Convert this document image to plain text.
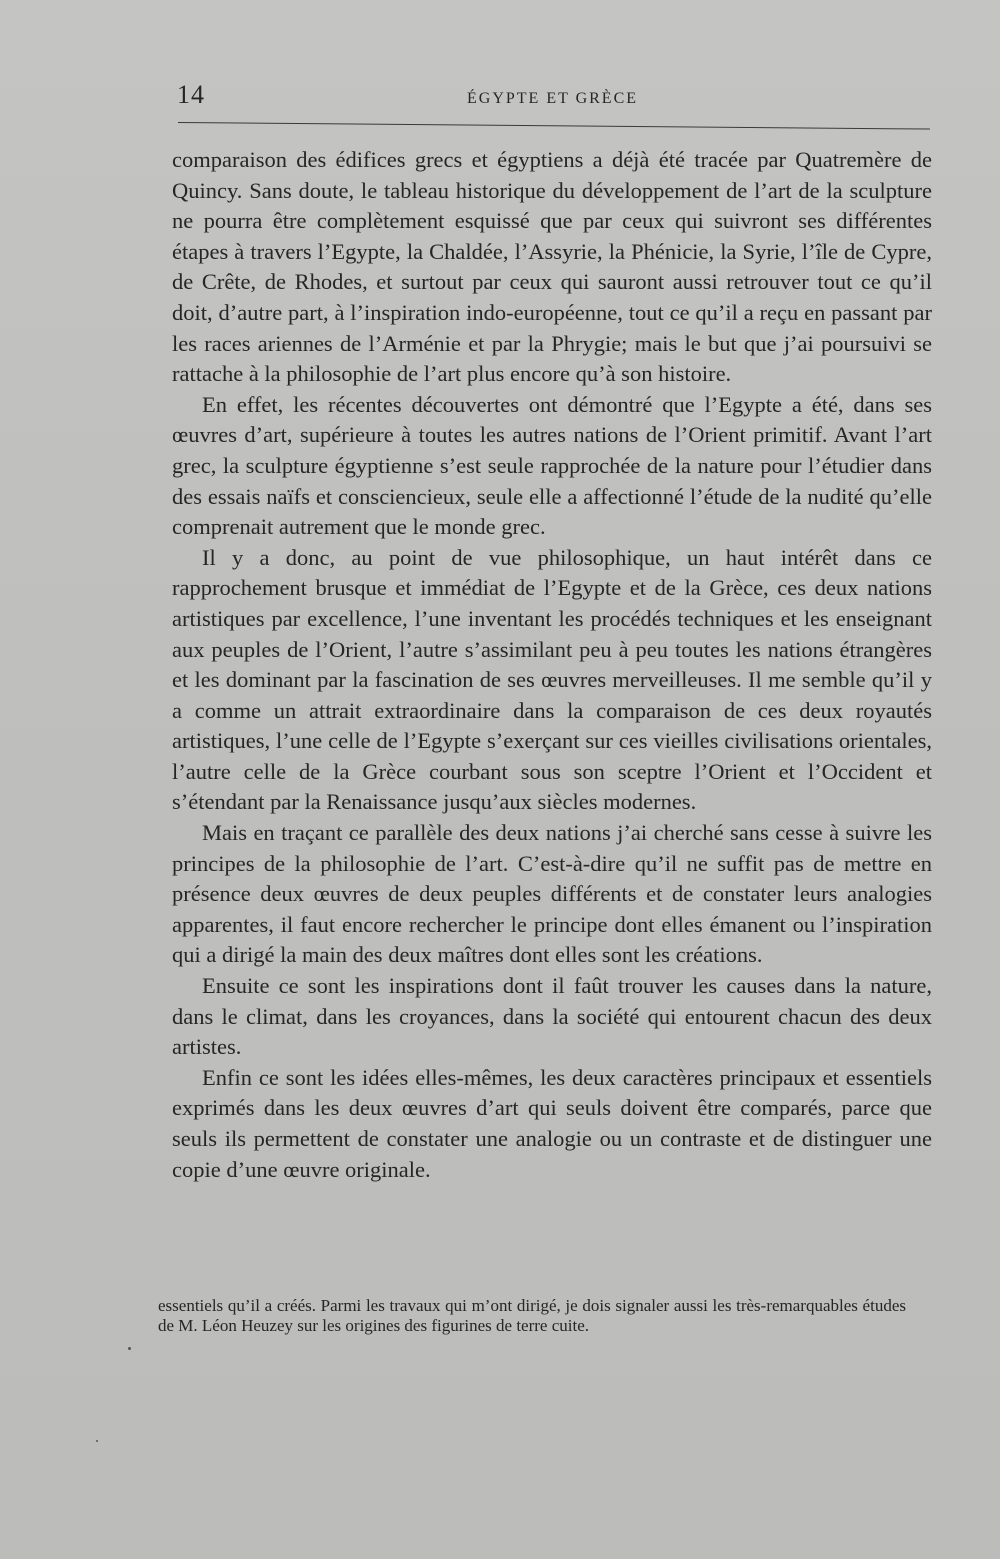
14	ÉGYPTE ET GRÈCE

comparaison des édifices grecs et égyptiens a déjà été tracée par Quatremère de Quincy. Sans doute, le tableau historique du développement de l’art de la sculpture ne pourra être complètement esquissé que par ceux qui suivront ses différentes étapes à travers l’Egypte, la Chaldée, l’Assyrie, la Phénicie, la Syrie, l’île de Cypre, de Crête, de Rhodes, et surtout par ceux qui sauront aussi retrouver tout ce qu’il doit, d’autre part, à l’inspiration indo-européenne, tout ce qu’il a reçu en passant par les races ariennes de l’Arménie et par la Phrygie; mais le but que j’ai poursuivi se rattache à la philosophie de l’art plus encore qu’à son histoire.

En effet, les récentes découvertes ont démontré que l’Egypte a été, dans ses œuvres d’art, supérieure à toutes les autres nations de l’Orient primitif. Avant l’art grec, la sculpture égyptienne s’est seule rapprochée de la nature pour l’étudier dans des essais naïfs et consciencieux, seule elle a affectionné l’étude de la nudité qu’elle comprenait autrement que le monde grec.

Il y a donc, au point de vue philosophique, un haut intérêt dans ce rapprochement brusque et immédiat de l’Egypte et de la Grèce, ces deux nations artistiques par excellence, l’une inventant les procédés techniques et les enseignant aux peuples de l’Orient, l’autre s’assimilant peu à peu toutes les nations étrangères et les dominant par la fascination de ses œuvres merveilleuses. Il me semble qu’il y a comme un attrait extraordinaire dans la comparaison de ces deux royautés artistiques, l’une celle de l’Egypte s’exerçant sur ces vieilles civilisations orientales, l’autre celle de la Grèce courbant sous son sceptre l’Orient et l’Occident et s’étendant par la Renaissance jusqu’aux siècles modernes.

Mais en traçant ce parallèle des deux nations j’ai cherché sans cesse à suivre les principes de la philosophie de l’art. C’est-à-dire qu’il ne suffit pas de mettre en présence deux œuvres de deux peuples différents et de constater leurs analogies apparentes, il faut encore rechercher le principe dont elles émanent ou l’inspiration qui a dirigé la main des deux maîtres dont elles sont les créations.

Ensuite ce sont les inspirations dont il faût trouver les causes dans la nature, dans le climat, dans les croyances, dans la société qui entourent chacun des deux artistes.

Enfin ce sont les idées elles-mêmes, les deux caractères principaux et essentiels exprimés dans les deux œuvres d’art qui seuls doivent être comparés, parce que seuls ils permettent de constater une analogie ou un contraste et de distinguer une copie d’une œuvre originale.

essentiels qu’il a créés. Parmi les travaux qui m’ont dirigé, je dois signaler aussi les très-remarquables études de M. Léon Heuzey sur les origines des figurines de terre cuite.
